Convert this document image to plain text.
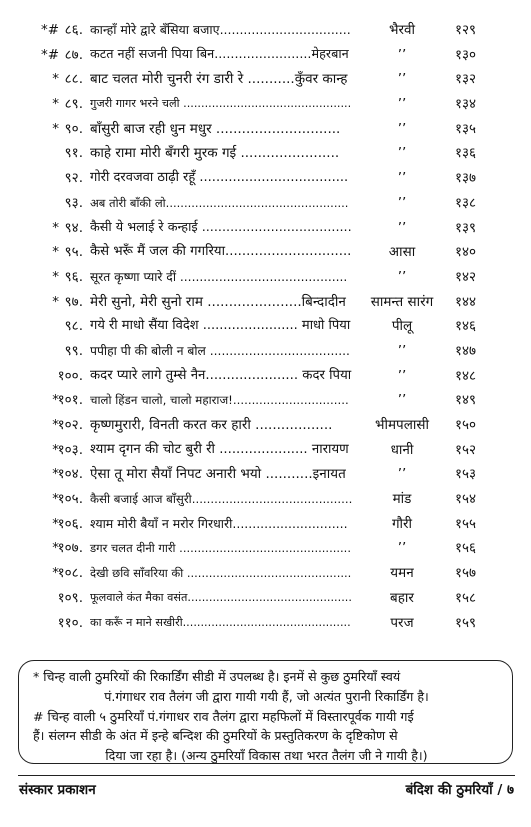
*# ८६. कान्हाँ मोरे द्वारे बँसिया बजाए.................................	भैरवी	१२९
*# ८७. कटत नहीं सजनी पिया बिन........................मेहरबान	’’	१३०
* ८८. बाट चलत मोरी चुनरी रंग डारी रे ...........कुँवर कान्ह	’’	१३२
* ८९. गुजरी गागर भरने चली ...............................................	’’	१३४
* ९०. बाँसुरी बाज रही धुन मधुर .............................	’’	१३५
९१. काहे रामा मोरी बँगरी मुरक गई .......................	’’	१३६
९२. गोरी दरवजवा ठाढ़ी रहूँ ....................................	’’	१३७
९३. अब तोरी बाँकी लो..................................................	’’	१३८
* ९४. कैसी ये भलाई रे कन्हाई .....................................	’’	१३९
* ९५. कैसे भरूँ मैं जल की गगरिया..............................	आसा	१४०
* ९६. सूरत कृष्णा प्यारे दीं ...........................................	’’	१४२
* ९७. मेरी सुनो, मेरी सुनो राम ......................बिन्दादीन	सामन्त सारंग	१४४
९८. गये री माधो सैंया विदेश ....................... माधो पिया	पीलू	१४६
९९. पपीहा पी की बोली न बोल ....................................	’’	१४७
१००. कदर प्यारे लागे तुम्से नैन...................... कदर पिया	’’	१४८
*
१०१. चालो हिंडन चालो, चालो महाराज!...............................	’’	१४९
*
१०२. कृष्णमुरारी, विनती करत कर हारी ..................	भीमपलासी	१५०
*
१०३. श्याम दृगन की चोट बुरी री ..................... नारायण	धानी	१५२
*
१०४. ऐसा तू मोरा सैयाँ निपट अनारी भयो ...........इनायत	’’	१५३
*
१०५. कैसी बजाई आज बाँसुरी...........................................	मांड	१५४
*
१०६. श्याम मोरी बैयाँ न मरोर गिरधारी.............................	गौरी	१५५
*
१०७. डगर चलत दीनी गारी ...............................................	’’	१५६
*
१०८. देखी छवि साँवरिया की .............................................	यमन	१५७
१०९. फूलवाले कंत मैका वसंत..............................................	बहार	१५८
११०. का करूँ न माने सखीरी...............................................	परज	१५९

* चिन्ह वाली ठुमरियों की रिकार्डिंग सीडी में उपलब्ध है। इनमें से कुछ ठुमरियाँ स्वयं

पं.गंगाधर राव तैलंग जी द्वारा गायी गयी हैं, जो अत्यंत पुरानी रिकार्डिंग है।

# चिन्ह वाली ५ ठुमरियाँ पं.गंगाधर राव तैलंग द्वारा महफिलों में विस्तारपूर्वक गायी गई

हैं। संलग्न सीडी के अंत में इन्हे बन्दिश की ठुमरियों के प्रस्तुतिकरण के दृष्टिकोण से

दिया जा रहा है। (अन्य ठुमरियाँ विकास तथा भरत तैलंग जी ने गायी है।)

संस्कार प्रकाशन	बंदिश की ठुमरियाँ / ७
